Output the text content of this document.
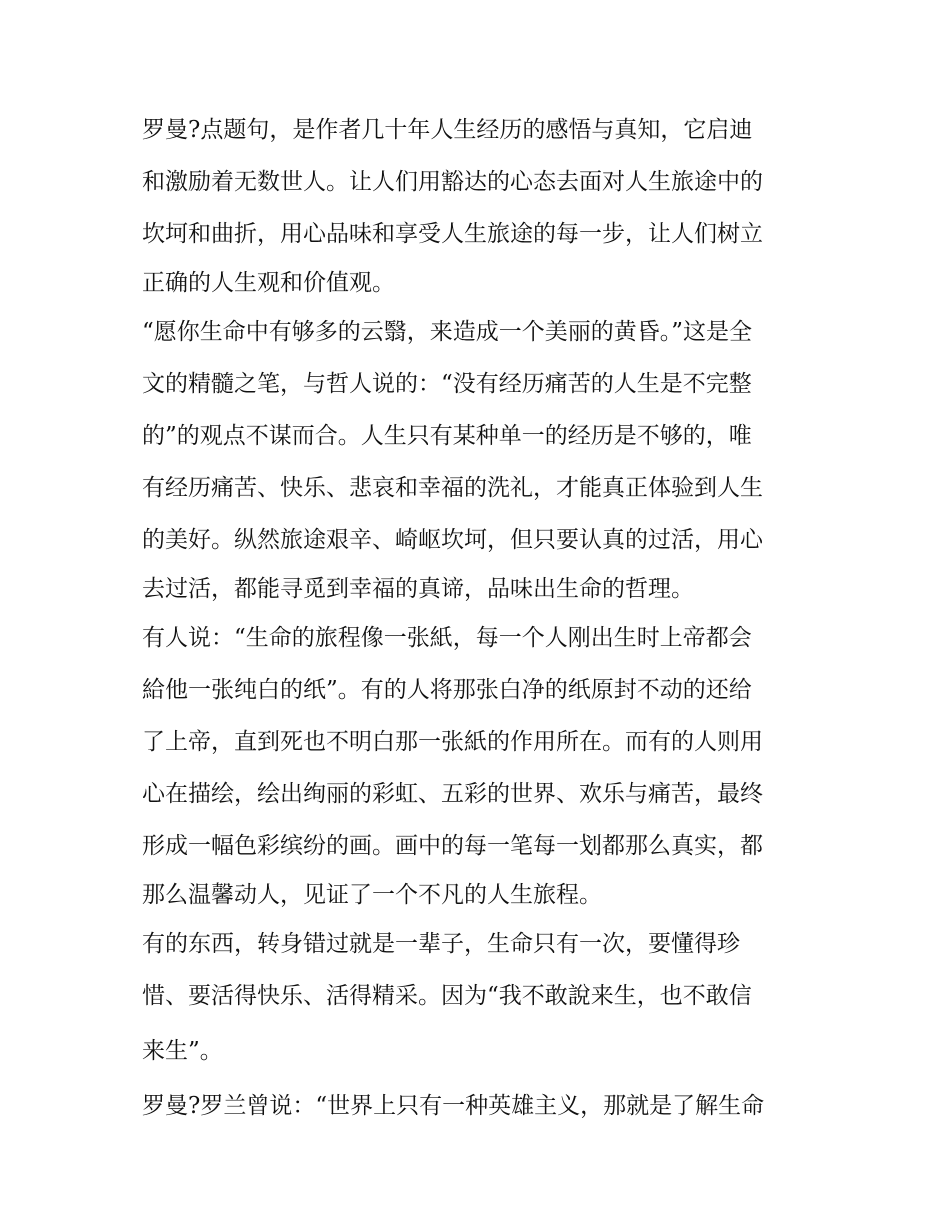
罗曼?点题句，是作者几十年人生经历的感悟与真知，它启迪
和激励着无数世人。让人们用豁达的心态去面对人生旅途中的
坎坷和曲折，用心品味和享受人生旅途的每一步，让人们树立
正确的人生观和价值观。
“愿你生命中有够多的云翳，来造成一个美丽的黄昏。”这是全
文的精髓之笔，与哲人说的：“没有经历痛苦的人生是不完整
的”的观点不谋而合。人生只有某种单一的经历是不够的，唯
有经历痛苦、快乐、悲哀和幸福的洗礼，才能真正体验到人生
的美好。纵然旅途艰辛、崎岖坎坷，但只要认真的过活，用心
去过活，都能寻觅到幸福的真谛，品味出生命的哲理。
有人说：“生命的旅程像一张紙，每一个人刚出生时上帝都会
給他一张纯白的纸”。有的人将那张白净的纸原封不动的还给
了上帝，直到死也不明白那一张紙的作用所在。而有的人则用
心在描绘，绘出绚丽的彩虹、五彩的世界、欢乐与痛苦，最终
形成一幅色彩缤纷的画。画中的每一笔每一划都那么真实，都
那么温馨动人，见证了一个不凡的人生旅程。
有的东西，转身错过就是一辈子，生命只有一次，要懂得珍
惜、要活得快乐、活得精采。因为“我不敢說来生，也不敢信
来生”。
罗曼?罗兰曾说：“世界上只有一种英雄主义，那就是了解生命
